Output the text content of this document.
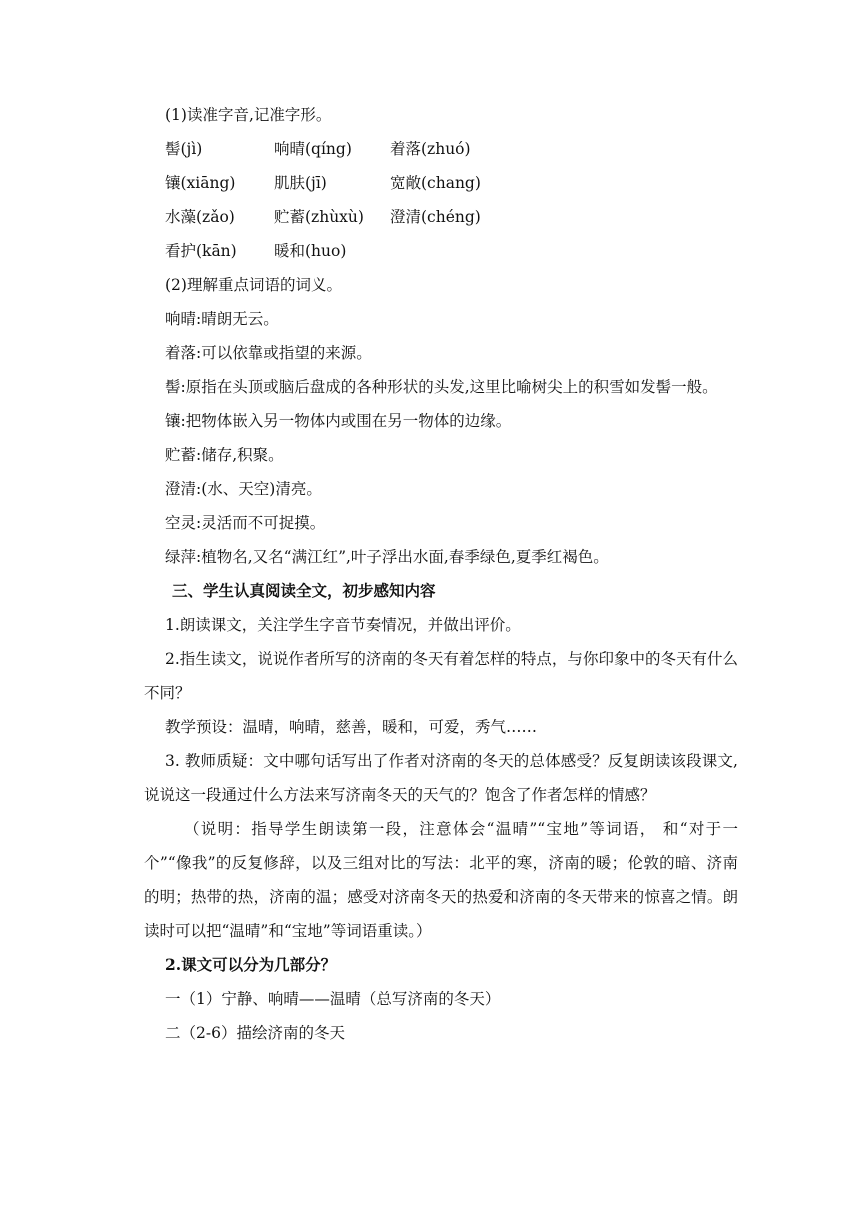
(1)读准字音,记准字形。

髻(jì)	响晴(qíng)	着落(zhuó)
镶(xiāng)	肌肤(jī)	宽敞(chang)
水藻(zǎo)	贮蓄(zhùxù)	澄清(chéng)
看护(kān)	暖和(huo)

(2)理解重点词语的词义。

响晴:晴朗无云。

着落:可以依靠或指望的来源。

髻:原指在头顶或脑后盘成的各种形状的头发,这里比喻树尖上的积雪如发髻一般。

镶:把物体嵌入另一物体内或围在另一物体的边缘。

贮蓄:储存,积聚。

澄清:(水、天空)清亮。

空灵:灵活而不可捉摸。

绿萍:植物名,又名“满江红”,叶子浮出水面,春季绿色,夏季红褐色。

三、学生认真阅读全文，初步感知内容

1.朗读课文，关注学生字音节奏情况，并做出评价。

2.指生读文，说说作者所写的济南的冬天有着怎样的特点，与你印象中的冬天有什么不同？

教学预设：温晴，响晴，慈善，暖和，可爱，秀气……

3. 教师质疑：文中哪句话写出了作者对济南的冬天的总体感受？反复朗读该段课文,说说这一段通过什么方法来写济南冬天的天气的？饱含了作者怎样的情感？

（说明：指导学生朗读第一段，注意体会“温晴”“宝地”等词语， 和“对于一个”“像我”的反复修辞，以及三组对比的写法：北平的寒，济南的暖；伦敦的暗、济南的明；热带的热，济南的温；感受对济南冬天的热爱和济南的冬天带来的惊喜之情。朗读时可以把“温晴”和“宝地”等词语重读。）

2.课文可以分为几部分？

一（1）宁静、响晴——温晴（总写济南的冬天）

二（2-6）描绘济南的冬天
